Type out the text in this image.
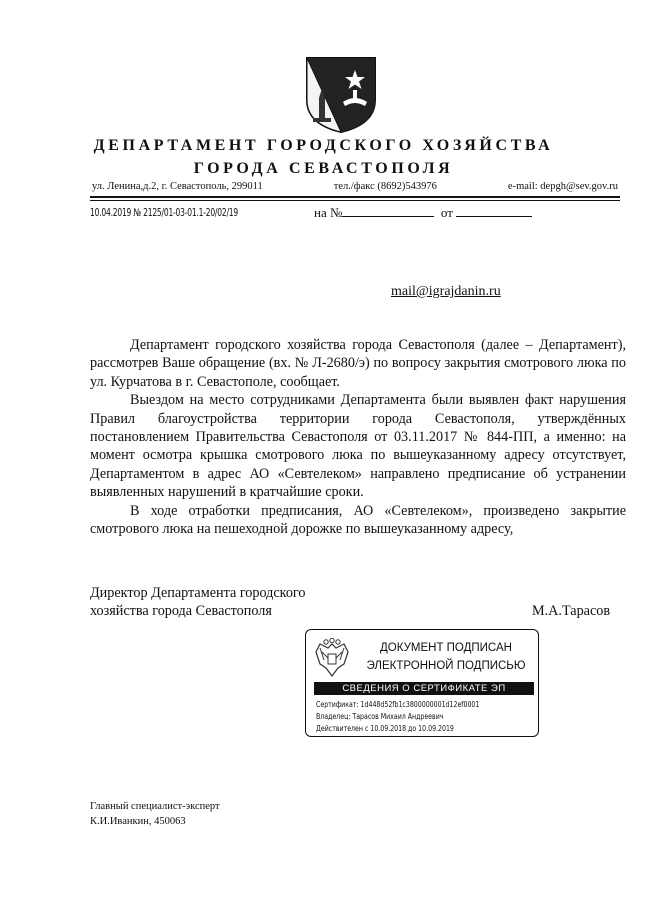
ДЕПАРТАМЕНТ ГОРОДСКОГО ХОЗЯЙСТВА
ГОРОДА СЕВАСТОПОЛЯ
ул. Ленина,д.2, г. Севастополь, 299011	тел./факс (8692)543976	e-mail: depgh@sev.gov.ru
10.04.2019 № 2125/01-03-01.1-20/02/19	на №	от
mail@igrajdanin.ru

Департамент городского хозяйства города Севастополя (далее – Департамент), рассмотрев Ваше обращение (вх. № Л-2680/э) по вопросу закрытия смотрового люка по ул. Курчатова в г. Севастополе, сообщает.

Выездом на место сотрудниками Департамента были выявлен факт нарушения Правил благоустройства территории города Севастополя, утверждённых постановлением Правительства Севастополя от 03.11.2017 № 844-ПП, а именно: на момент осмотра крышка смотрового люка по вышеуказанному адресу отсутствует, Департаментом в адрес АО «Севтелеком» направлено предписание об устранении выявленных нарушений в кратчайшие сроки.

В ходе отработки предписания, АО «Севтелеком», произведено закрытие смотрового люка на пешеходной дорожке по вышеуказанному адресу,

Директор Департамента городского
хозяйства города Севастополя	М.А.Тарасов
ДОКУМЕНТ ПОДПИСАН
ЭЛЕКТРОННОЙ ПОДПИСЬЮ
СВЕДЕНИЯ О СЕРТИФИКАТЕ ЭП
Сертификат: 1d448d52fb1c3800000001d12ef0001
Владелец: Тарасов Михаил Андреевич
Действителен с 10.09.2018 до 10.09.2019
Главный специалист-эксперт
К.И.Иванкин, 450063
